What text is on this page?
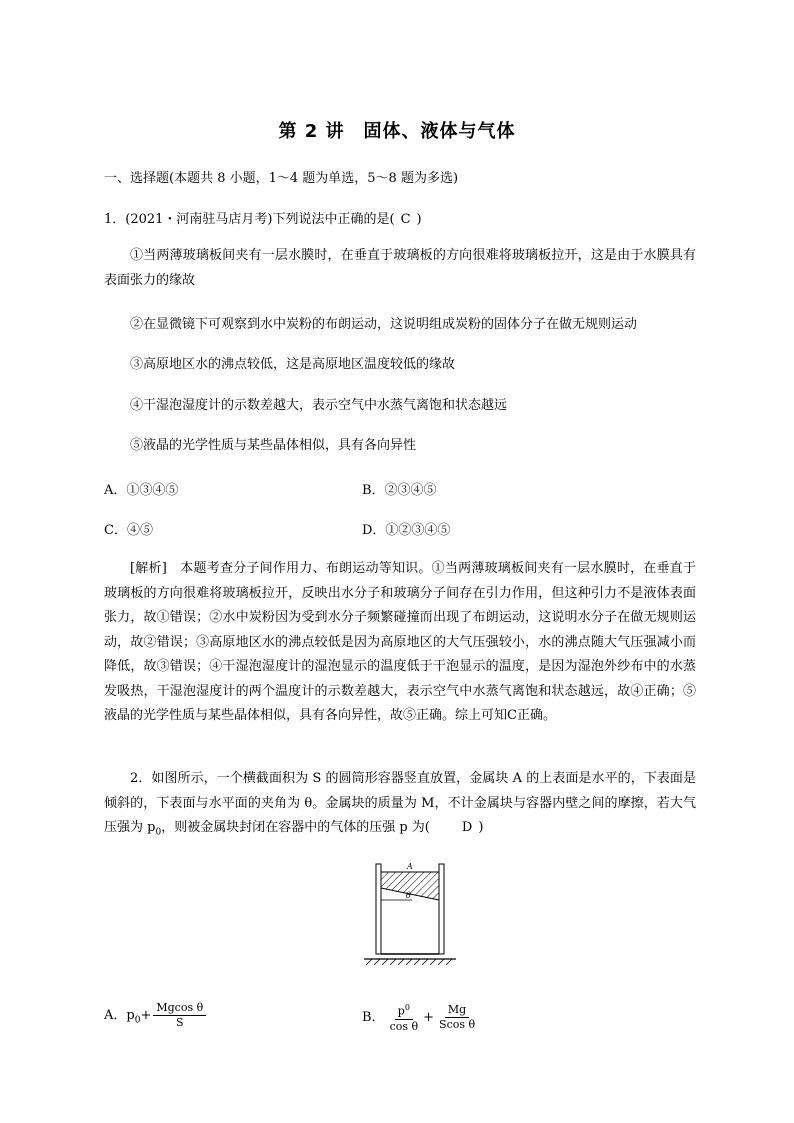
第 2 讲　固体、液体与气体
一、选择题(本题共 8 小题，1～4 题为单选，5～8 题为多选)
1．(2021・河南驻马店月考)下列说法中正确的是( C )
①当两薄玻璃板间夹有一层水膜时，在垂直于玻璃板的方向很难将玻璃板拉开，这是由于水膜具有表面张力的缘故
②在显微镜下可观察到水中炭粉的布朗运动，这说明组成炭粉的固体分子在做无规则运动
③高原地区水的沸点较低，这是高原地区温度较低的缘故
④干湿泡湿度计的示数差越大，表示空气中水蒸气离饱和状态越远
⑤液晶的光学性质与某些晶体相似，具有各向异性
A．①③④⑤	B．②③④⑤
C．④⑤	D．①②③④⑤
[解析]　本题考查分子间作用力、布朗运动等知识。①当两薄玻璃板间夹有一层水膜时，在垂直于玻璃板的方向很难将玻璃板拉开，反映出水分子和玻璃分子间存在引力作用，但这种引力不是液体表面张力，故①错误；②水中炭粉因为受到水分子频繁碰撞而出现了布朗运动，这说明水分子在做无规则运动，故②错误；③高原地区水的沸点较低是因为高原地区的大气压强较小，水的沸点随大气压强减小而降低，故③错误；④干湿泡湿度计的湿泡显示的温度低于干泡显示的温度，是因为湿泡外纱布中的水蒸发吸热，干湿泡湿度计的两个温度计的示数差越大，表示空气中水蒸气离饱和状态越远，故④正确；⑤液晶的光学性质与某些晶体相似，具有各向异性，故⑤正确。综上可知C正确。
2．如图所示，一个横截面积为 S 的圆筒形容器竖直放置，金属块 A 的上表面是水平的，下表面是倾斜的，下表面与水平面的夹角为 θ。金属块的质量为 M，不计金属块与容器内壁之间的摩擦，若大气压强为 $p_0$，则被金属块封闭在容器中的气体的压强 p 为( D )
A
θ
A．$p_0+ \frac{\text{Mgcos θ}}{S}$	B． $\frac{p^0}{\text{cos θ}} + \frac{Mg}{\text{Scos θ}}$
